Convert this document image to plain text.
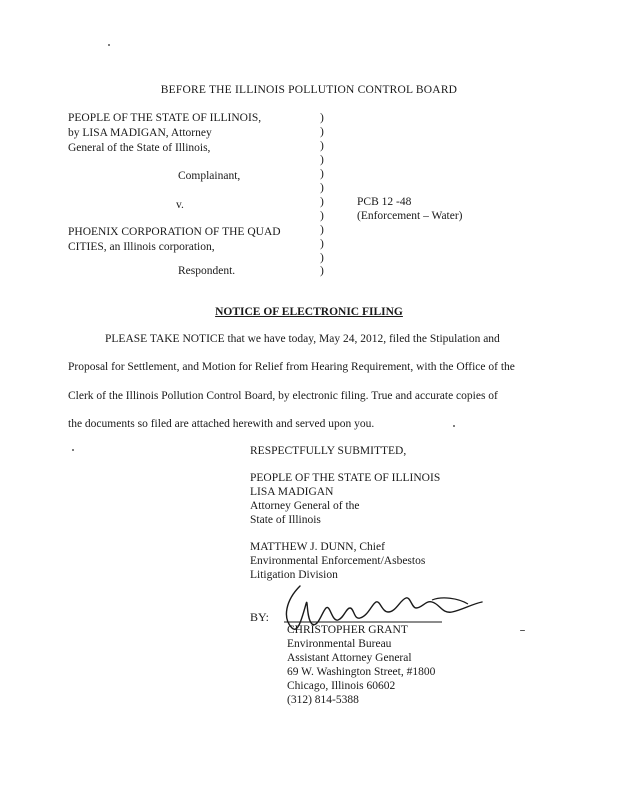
BEFORE THE ILLINOIS POLLUTION CONTROL BOARD
PEOPLE OF THE STATE OF ILLINOIS,
by LISA MADIGAN, Attorney
General of the State of Illinois,
Complainant,
v.
PHOENIX CORPORATION OF THE QUAD
CITIES, an Illinois corporation,
Respondent.
)
)
)
)
)
)
)
)
)
)
)
)
PCB 12 -48
(Enforcement – Water)
NOTICE OF ELECTRONIC FILING
PLEASE TAKE NOTICE that we have today, May 24, 2012, filed the Stipulation and
Proposal for Settlement, and Motion for Relief from Hearing Requirement, with the Office of the
Clerk of the Illinois Pollution Control Board, by electronic filing. True and accurate copies of
the documents so filed are attached herewith and served upon you.
RESPECTFULLY SUBMITTED,
PEOPLE OF THE STATE OF ILLINOIS
LISA MADIGAN
Attorney General of the
State of Illinois
MATTHEW J. DUNN, Chief
Environmental Enforcement/Asbestos
Litigation Division
BY:
CHRISTOPHER GRANT
Environmental Bureau
Assistant Attorney General
69 W. Washington Street, #1800
Chicago, Illinois 60602
(312) 814-5388
